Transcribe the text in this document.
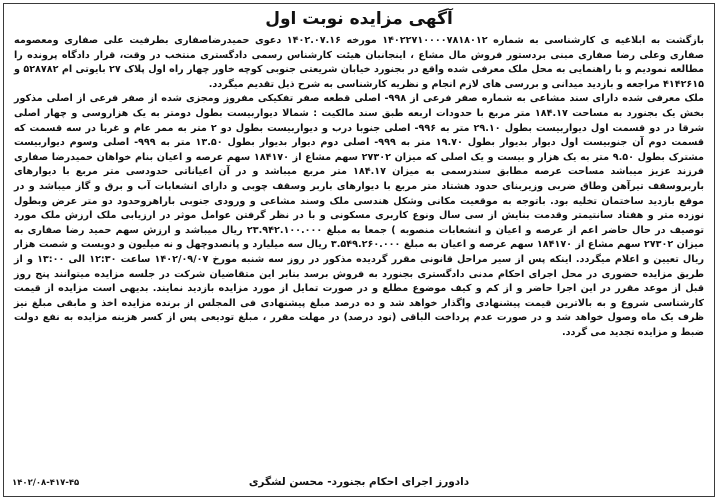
آگهی مزایده نوبت اول

بازگشت به ابلاغیه ی کارشناسی به شماره ۱۴۰۲۲۷۱۰۰۰۰۷۸۱۸۰۱۲ مورخه ۱۴۰۲.۰۷.۱۶ دعوی حمیدرضاصفاری بطرفیت علی صفاری ومعصومه صفاری وعلی رضا صفاری مبنی بردستور فروش مال مشاع ، اینجانبان هیئت کارشناس رسمی دادگستری منتخب در وقت، قرار دادگاه پرونده را مطالعه نمودیم و با راهنمایی به محل ملک معرفی شده واقع در بجنورد خیابان شریعتی جنوبی کوچه خاور چهار راه اول پلاک ۲۷ بایوتی ام ۵۲۸۷۸۲ و ۴۱۴۲۶۱۵ مراجعه و بازدید میدانی و بررسی های لازم انجام و نظریه کارشناسی به شرح ذیل تقدیم میگردد.

ملک معرفی شده دارای سند مشاعی به شماره صفر فرعی از ۹۹۸- اصلی قطعه صفر تفکیکی مفروز ومجزی شده از صفر فرعی از اصلی مذکور بخش یک بجنورد به مساحت ۱۸۴.۱۷ متر مربع با حدودات اربعه طبق سند مالکیت : شمالا دیواربیست بطول دومتر به یک هزاروسی و چهار اصلی شرقا در دو قسمت اول دیواربیست بطول ۲۹.۱۰ متر به ۹۹۶- اصلی جنوبا درب و دیواربیست بطول دو ۲ متر به ممر عام و غربا در سه قسمت که قسمت دوم آن جنوبیست اول دیوار بدیوار بطول ۱۹.۷۰ متر به ۹۹۹- اصلی دوم دیوار بدیوار بطول ۱۳.۵۰ متر به ۹۹۹- اصلی وسوم دیواربیست مشترک بطول ۹.۵۰ متر به یک هزار و بیست و یک اصلی که میزان ۲۷۳۰۲ سهم مشاع از ۱۸۴۱۷۰ سهم عرصه و اعیان بنام خواهان حمیدرضا صفاری فرزند عزیز میباشد مساحت عرصه مطابق سندرسمی به میزان ۱۸۴.۱۷ متر مربع میباشد و در آن اعیاناتی حدودسی متر مربع با دیوارهای باربروسقف تیرآهن وطاق ضربی وزیربنای حدود هشتاد متر مربع با دیوارهای باربر وسقف چوبی و دارای انشعابات آب و برق و گاز میباشد و در موقع بازدید ساختمان تخلیه بود. باتوجه به موقعیت مکانی وشکل هندسی ملک وسند مشاعی و ورودی جنوبی باراهروحدود دو متر عرض وبطول نوزده متر و هفتاد سانتیمتر وقدمت بنایش از سی سال ونوع کاربری مسکونی و با در نظر گرفتن عوامل موثر در ارزیابی ملک ارزش ملک مورد توصیف در حال حاضر اعم از عرصه و اعیان و انشعابات منصوبه ) جمعا به مبلغ ۲۳.۹۴۲.۱۰۰.۰۰۰ ریال میباشد و ارزش سهم حمید رضا صفاری به میزان ۲۷۳۰۲ سهم مشاع از ۱۸۴۱۷۰ سهم عرصه و اعیان به مبلغ ۳.۵۴۹.۲۶۰.۰۰۰ ریال سه میلیارد و پانصدوچهل و نه میلیون و دویست و شصت هزار ریال تعیین و اعلام میگردد. اینکه پس از سیر مراحل قانونی مقرر گردیده مذکور در روز سه شنبه مورخ ۱۴۰۲/۰۹/۰۷ ساعت ۱۲:۳۰ الی ۱۳:۰۰ و از طریق مزایده حضوری در محل اجرای احکام مدنی دادگستری بجنورد به فروش برسد بنابر این متقاضیان شرکت در جلسه مزایده میتوانند پنج روز قبل از موعد مقرر در این اجرا حاضر و از کم و کیف موضوع مطلع و در صورت تمایل از مورد مزایده بازدید نمایند. بدیهی است مزایده از قیمت کارشناسی شروع و به بالاترین قیمت پیشنهادی واگذار خواهد شد و ده درصد مبلغ پیشنهادی فی المجلس از برنده مزایده اخذ و مابقی مبلغ نیز ظرف یک ماه وصول خواهد شد و در صورت عدم پرداخت الباقی (نود درصد) در مهلت مقرر ، مبلغ تودیعی پس از کسر هزینه مزایده به نفع دولت ضبط و مزایده تجدید می گردد.

دادورز اجرای احکام بجنورد- محسن لشگری
۱۴۰۲/۰۸-۴۱۷-۴۵
